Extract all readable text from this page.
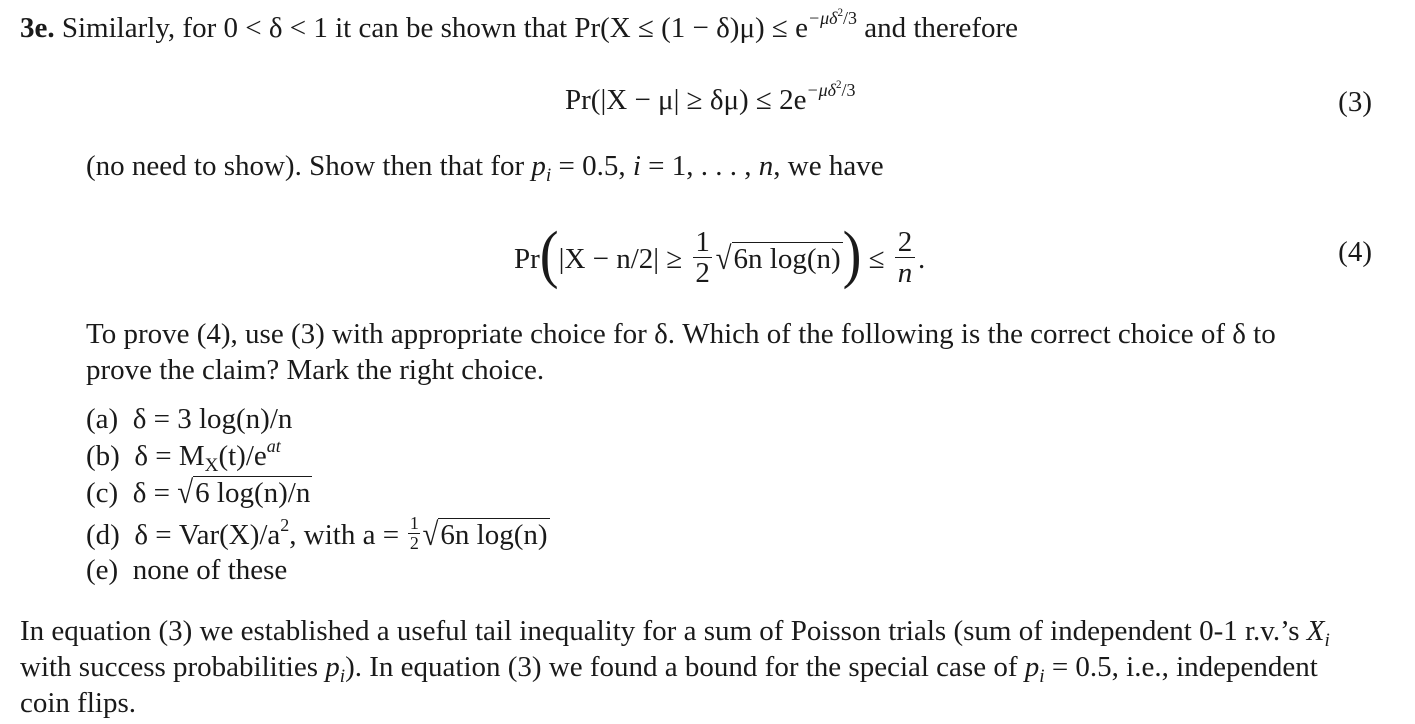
3e. Similarly, for 0 < δ < 1 it can be shown that $Pr(X \le (1 - \delta)\mu) \le e^{-\mu\delta^2/3}$ and therefore
$Pr(|X - \mu| \ge \delta\mu) \le 2e^{-\mu\delta^2/3}$	(3)
(no need to show). Show then that for $p_i = 0.5$, i = 1, . . . , n, we have
$Pr(|X - n/2| \ge \frac{1}{2} √6n$ $\log(n)) \le \frac{2}{n}$ .	(4)
To prove (4), use (3) with appropriate choice for δ. Which of the following is the correct choice of δ to
prove the claim? Mark the right choice.
(a) δ = 3 log(n)/n
(b) $\delta = M_X(t)/e^{at}$
(c) δ = √6 log(n)/n
(d) $\delta = Var(X)/a^2$, with $a = \frac{1}{2} √6n$ log(n)
(e) none of these
In equation (3) we established a useful tail inequality for a sum of Poisson trials (sum of independent 0-1 r.v.’s $X_i$
with success probabilities $p_i$). In equation (3) we found a bound for the special case of $p_i = 0.5$, i.e., independent
coin flips.
